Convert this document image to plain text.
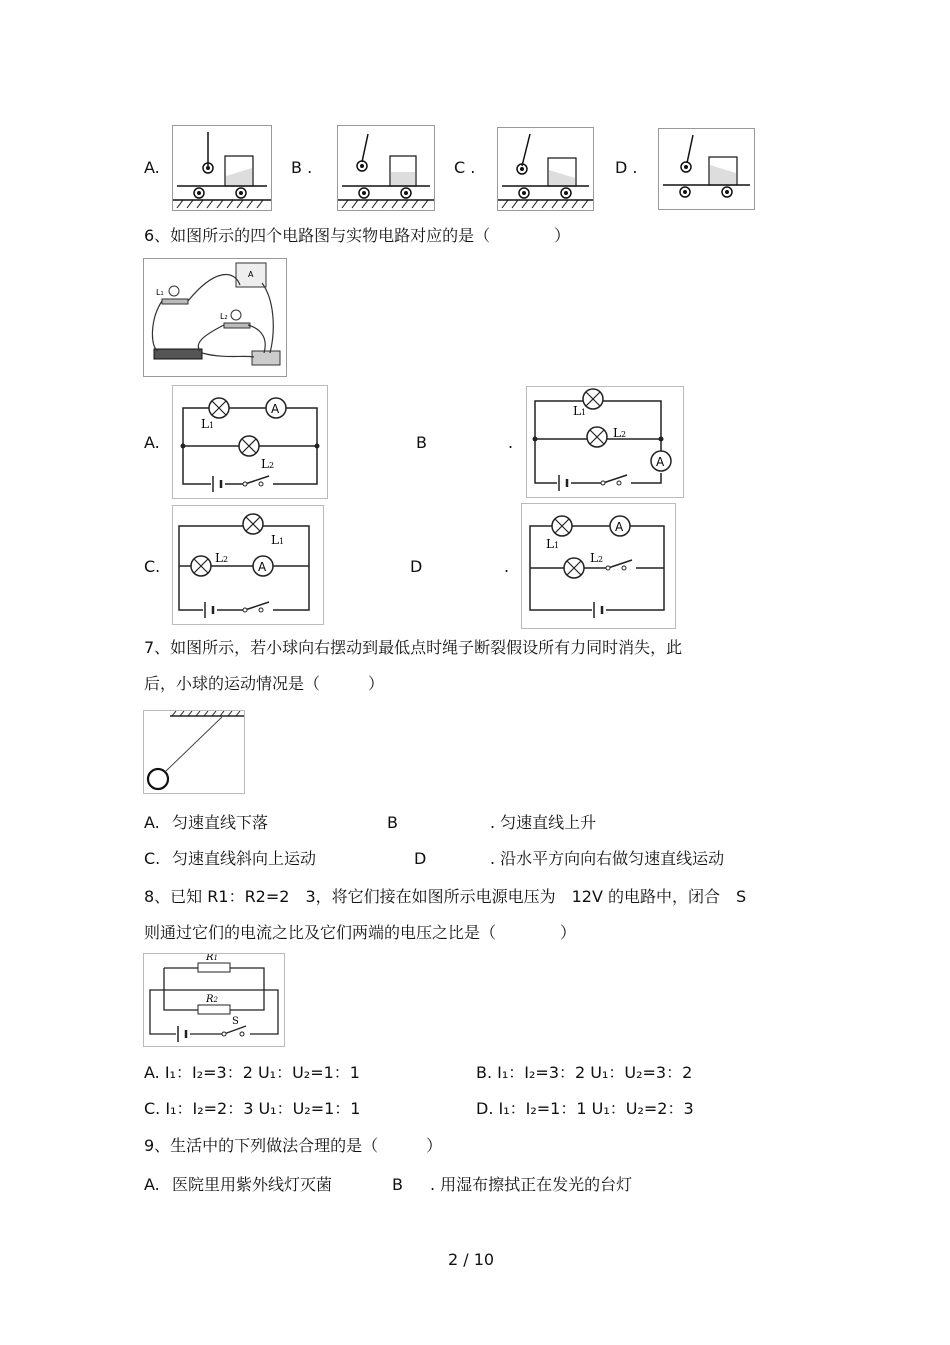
A.	B .	C .	D .
6、如图所示的四个电路图与实物电路对应的是（　　　　）
A
L1
L2
A.
A
L1
L2
B	.
L1
L2
A
C.
L1
L2
A	D	.
A
L1
L2
7、如图所示，若小球向右摆动到最低点时绳子断裂假设所有力同时消失，此
后，小球的运动情况是（　　　）
A. 匀速直线下落	B	. 匀速直线上升
C. 匀速直线斜向上运动	D	. 沿水平方向向右做匀速直线运动
8、已知 R1：R2=2　3，将它们接在如图所示电源电压为　12V 的电路中，闭合　S
则通过它们的电流之比及它们两端的电压之比是（　　　　）
R1
R2
S
A. I₁：I₂=3：2 U₁：U₂=1：1	B. I₁：I₂=3：2 U₁：U₂=3：2
C. I₁：I₂=2：3 U₁：U₂=1：1	D. I₁：I₂=1：1 U₁：U₂=2：3
9、生活中的下列做法合理的是（　　　）
A. 医院里用紫外线灯灭菌	B . 用湿布擦拭正在发光的台灯
2 / 10
